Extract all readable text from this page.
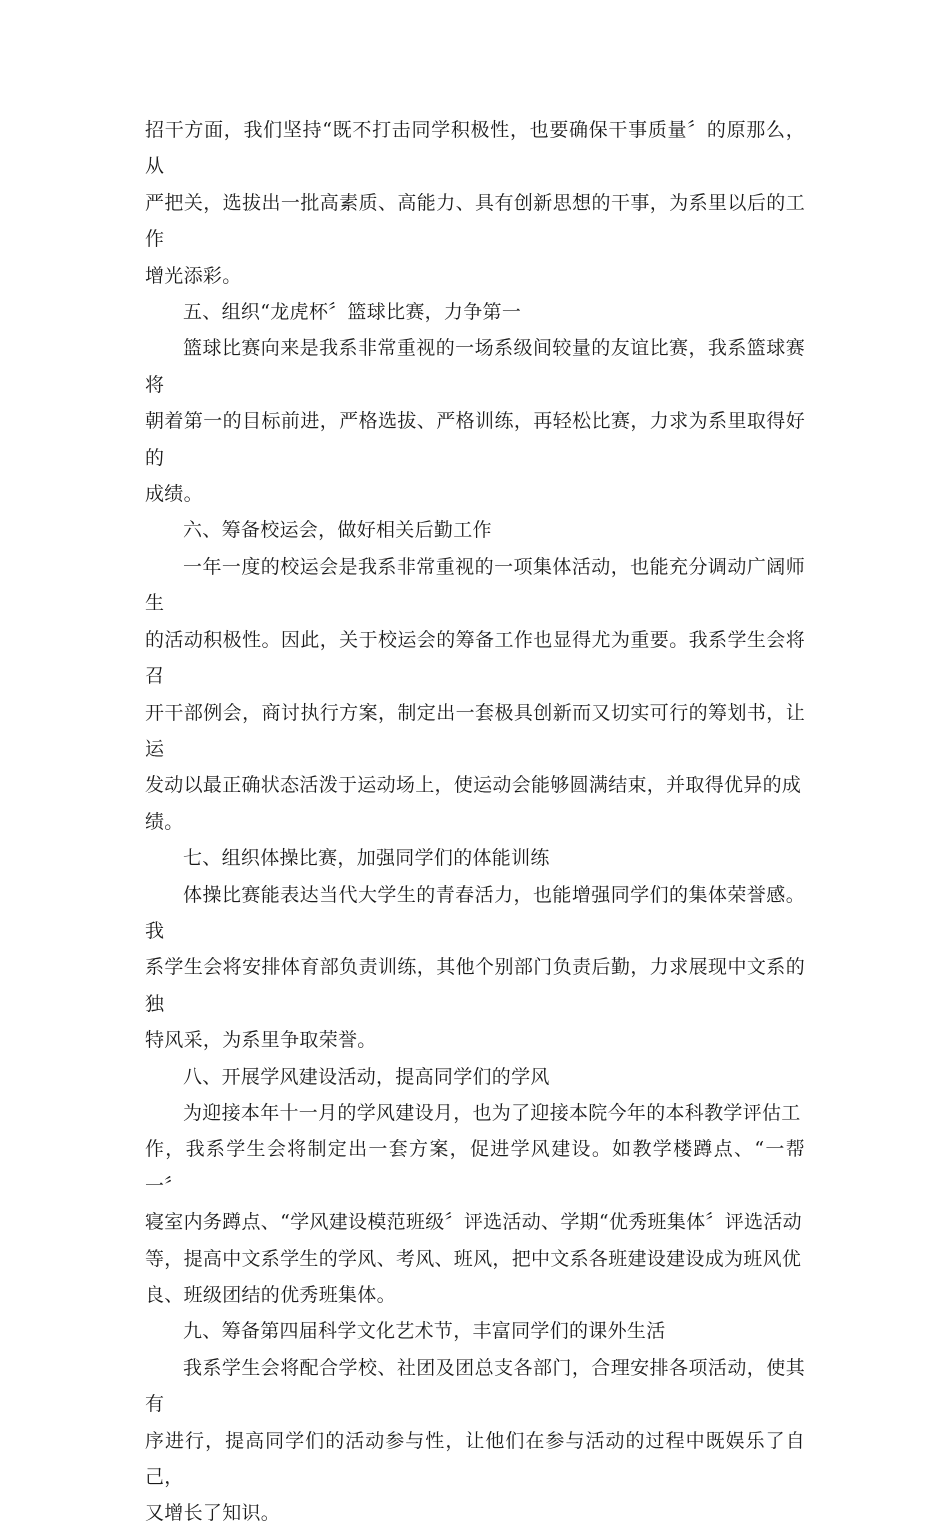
招干方面，我们坚持“既不打击同学积极性，也要确保干事质量〞的原那么，从
严把关，选拔出一批高素质、高能力、具有创新思想的干事，为系里以后的工作
增光添彩。

五、组织“龙虎杯〞篮球比赛，力争第一

篮球比赛向来是我系非常重视的一场系级间较量的友谊比赛，我系篮球赛将
朝着第一的目标前进，严格选拔、严格训练，再轻松比赛，力求为系里取得好的
成绩。

六、筹备校运会，做好相关后勤工作

一年一度的校运会是我系非常重视的一项集体活动，也能充分调动广阔师生
的活动积极性。因此，关于校运会的筹备工作也显得尤为重要。我系学生会将召
开干部例会，商讨执行方案，制定出一套极具创新而又切实可行的筹划书，让运
发动以最正确状态活泼于运动场上，使运动会能够圆满结束，并取得优异的成
绩。

七、组织体操比赛，加强同学们的体能训练

体操比赛能表达当代大学生的青春活力，也能增强同学们的集体荣誉感。我
系学生会将安排体育部负责训练，其他个别部门负责后勤，力求展现中文系的独
特风采，为系里争取荣誉。

八、开展学风建设活动，提高同学们的学风

为迎接本年十一月的学风建设月，也为了迎接本院今年的本科教学评估工
作，我系学生会将制定出一套方案，促进学风建设。如教学楼蹲点、“一帮一〞
寝室内务蹲点、“学风建设模范班级〞评选活动、学期“优秀班集体〞评选活动
等，提高中文系学生的学风、考风、班风，把中文系各班建设建设成为班风优
良、班级团结的优秀班集体。

九、筹备第四届科学文化艺术节，丰富同学们的课外生活

我系学生会将配合学校、社团及团总支各部门，合理安排各项活动，使其有
序进行，提高同学们的活动参与性，让他们在参与活动的过程中既娱乐了自己，
又增长了知识。
